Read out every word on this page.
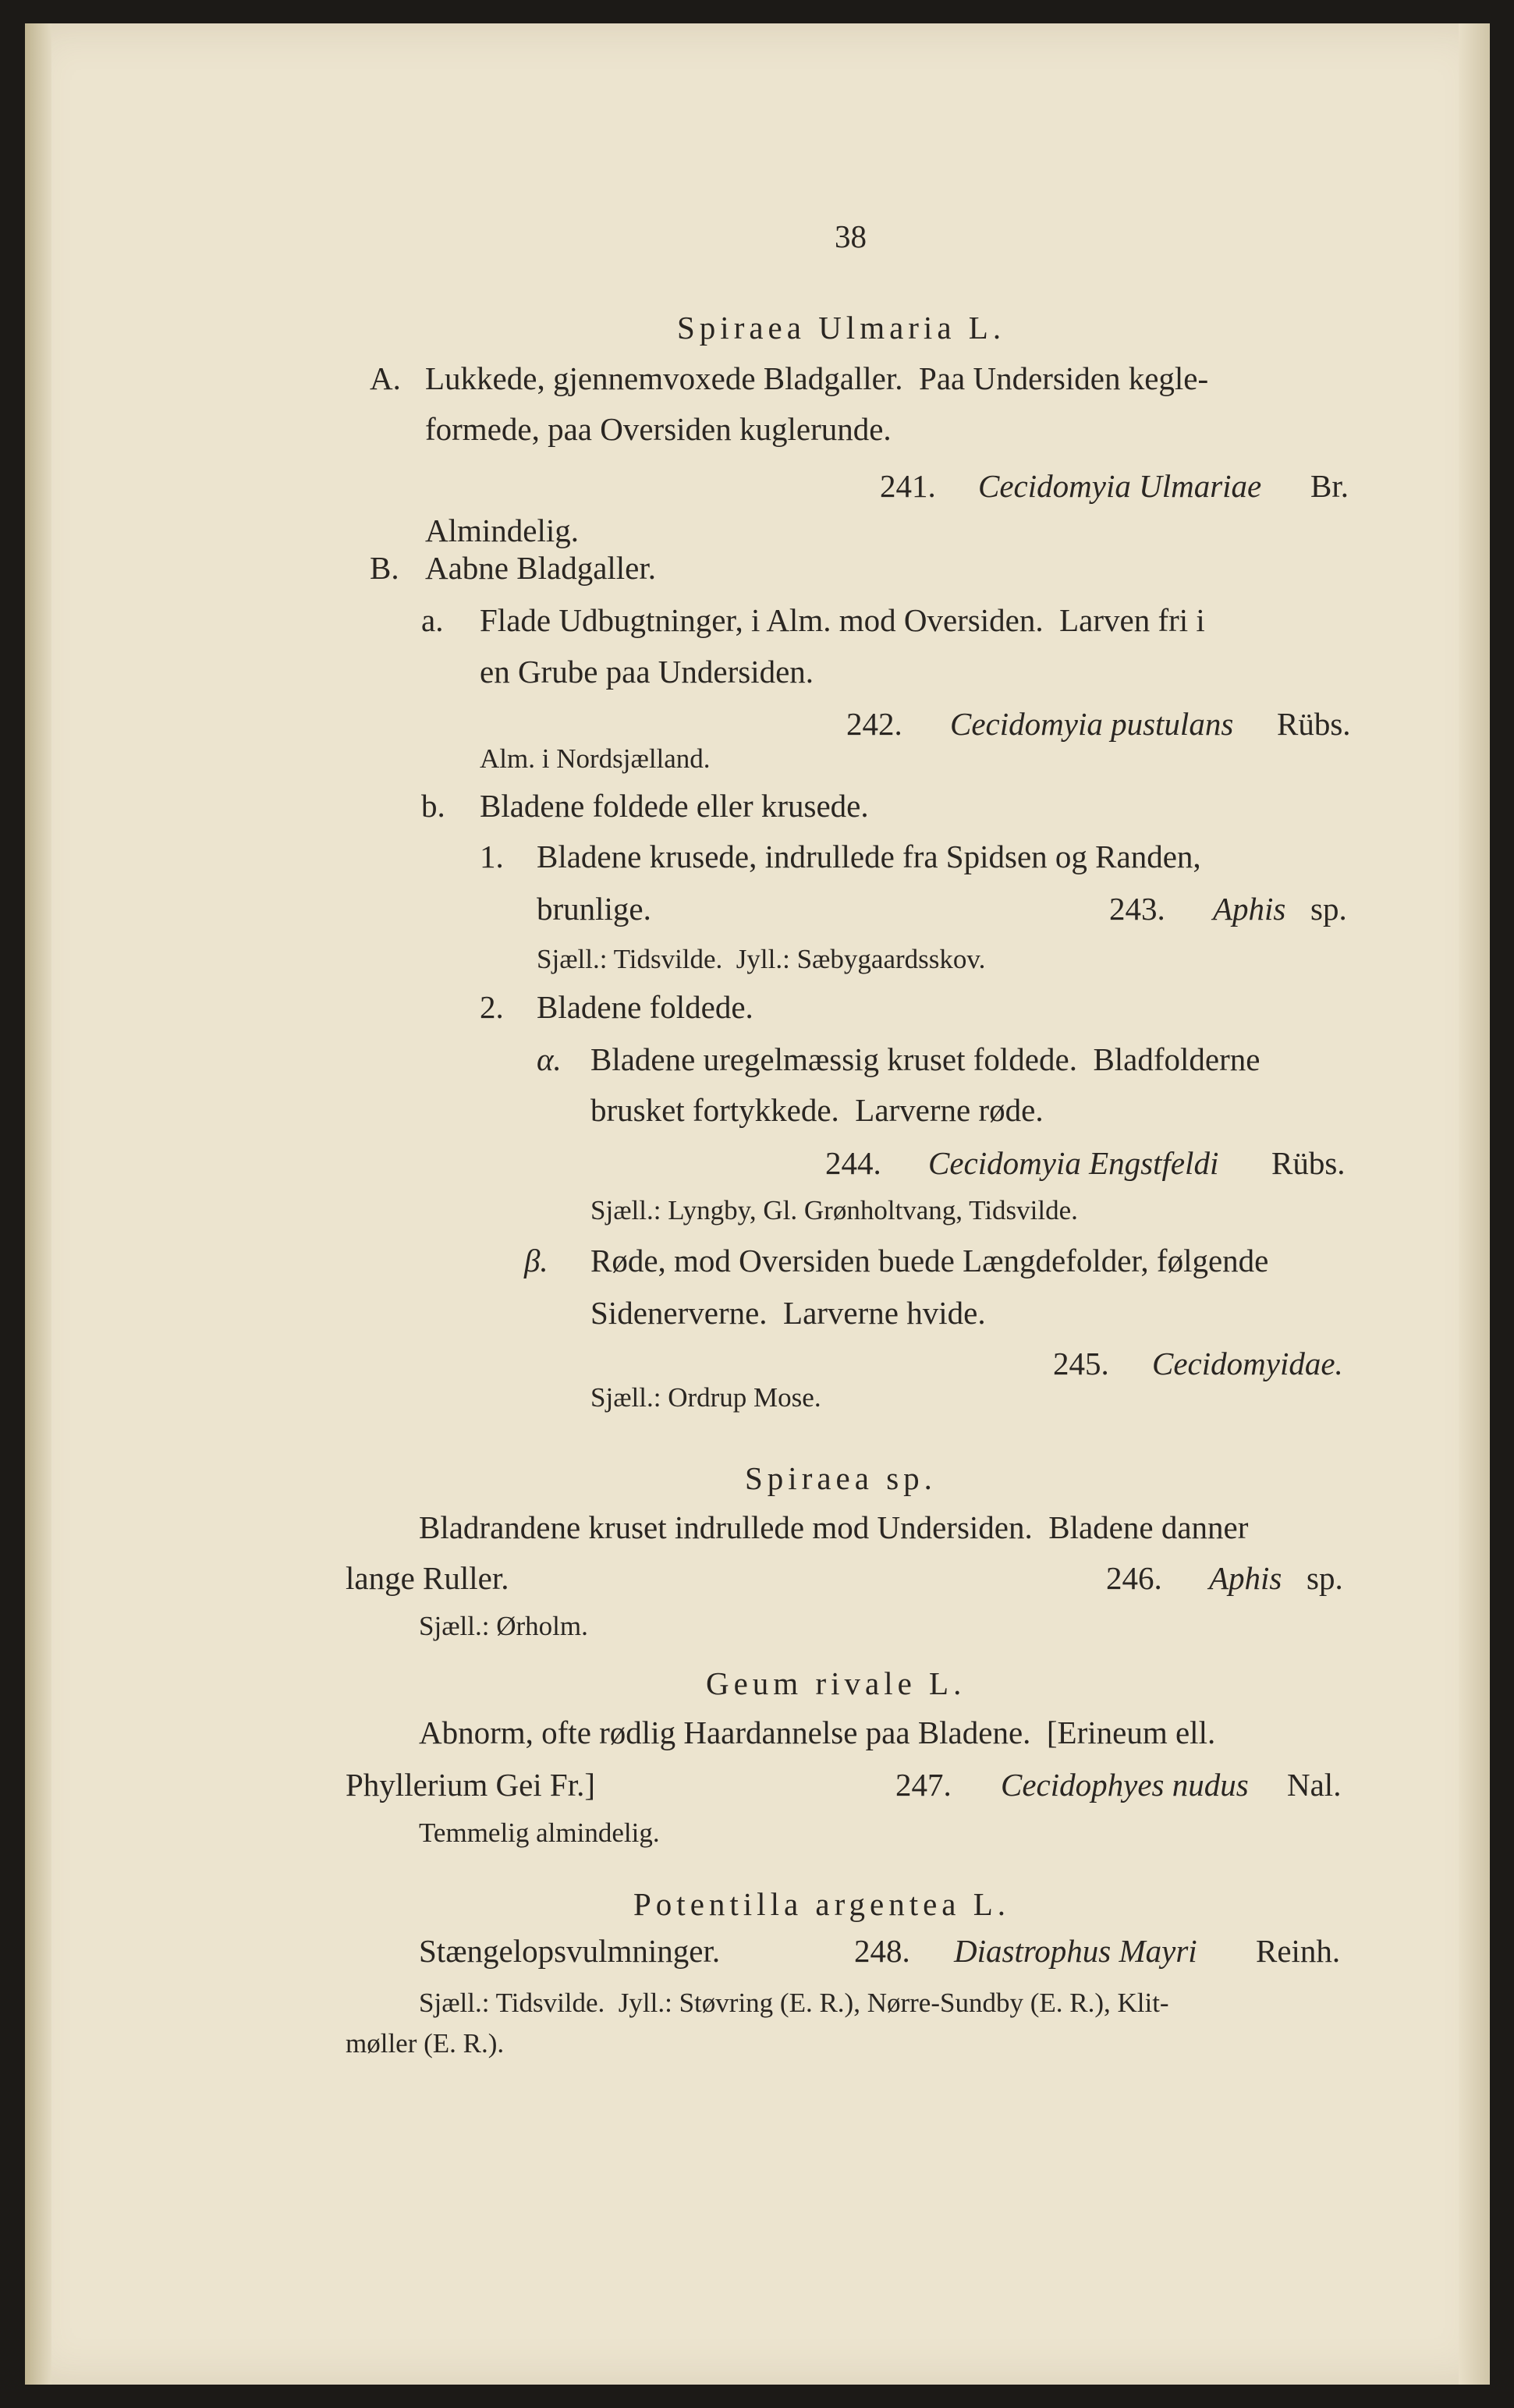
38
Spiraea Ulmaria L.
A. Lukkede, gjennemvoxede Bladgaller.  Paa Undersiden kegle-
formede, paa Oversiden kuglerunde.
241. Cecidomyia Ulmariae Br.
Almindelig.
B. Aabne Bladgaller.
a. Flade Udbugtninger, i Alm. mod Oversiden.  Larven fri i
en Grube paa Undersiden.
242. Cecidomyia pustulans Rübs.
Alm. i Nordsjælland.
b. Bladene foldede eller krusede.
1. Bladene krusede, indrullede fra Spidsen og Randen,
brunlige.	243. Aphis sp.
Sjæll.: Tidsvilde.  Jyll.: Sæbygaardsskov.
2. Bladene foldede.
α. Bladene uregelmæssig kruset foldede.  Bladfolderne
brusket fortykkede.  Larverne røde.
244. Cecidomyia Engstfeldi Rübs.
Sjæll.: Lyngby, Gl. Grønholtvang, Tidsvilde.
β. Røde, mod Oversiden buede Længdefolder, følgende
Sidenerverne.  Larverne hvide.
245. Cecidomyidae.
Sjæll.: Ordrup Mose.
Spiraea sp.
Bladrandene kruset indrullede mod Undersiden.  Bladene danner
lange Ruller.	246. Aphis sp.
Sjæll.: Ørholm.
Geum rivale L.
Abnorm, ofte rødlig Haardannelse paa Bladene.  [Erineum ell.
Phyllerium Gei Fr.]	247. Cecidophyes nudus Nal.
Temmelig almindelig.
Potentilla argentea L.
Stængelopsvulmninger.	248. Diastrophus Mayri Reinh.
Sjæll.: Tidsvilde.  Jyll.: Støvring (E. R.), Nørre-Sundby (E. R.), Klit-
møller (E. R.).
